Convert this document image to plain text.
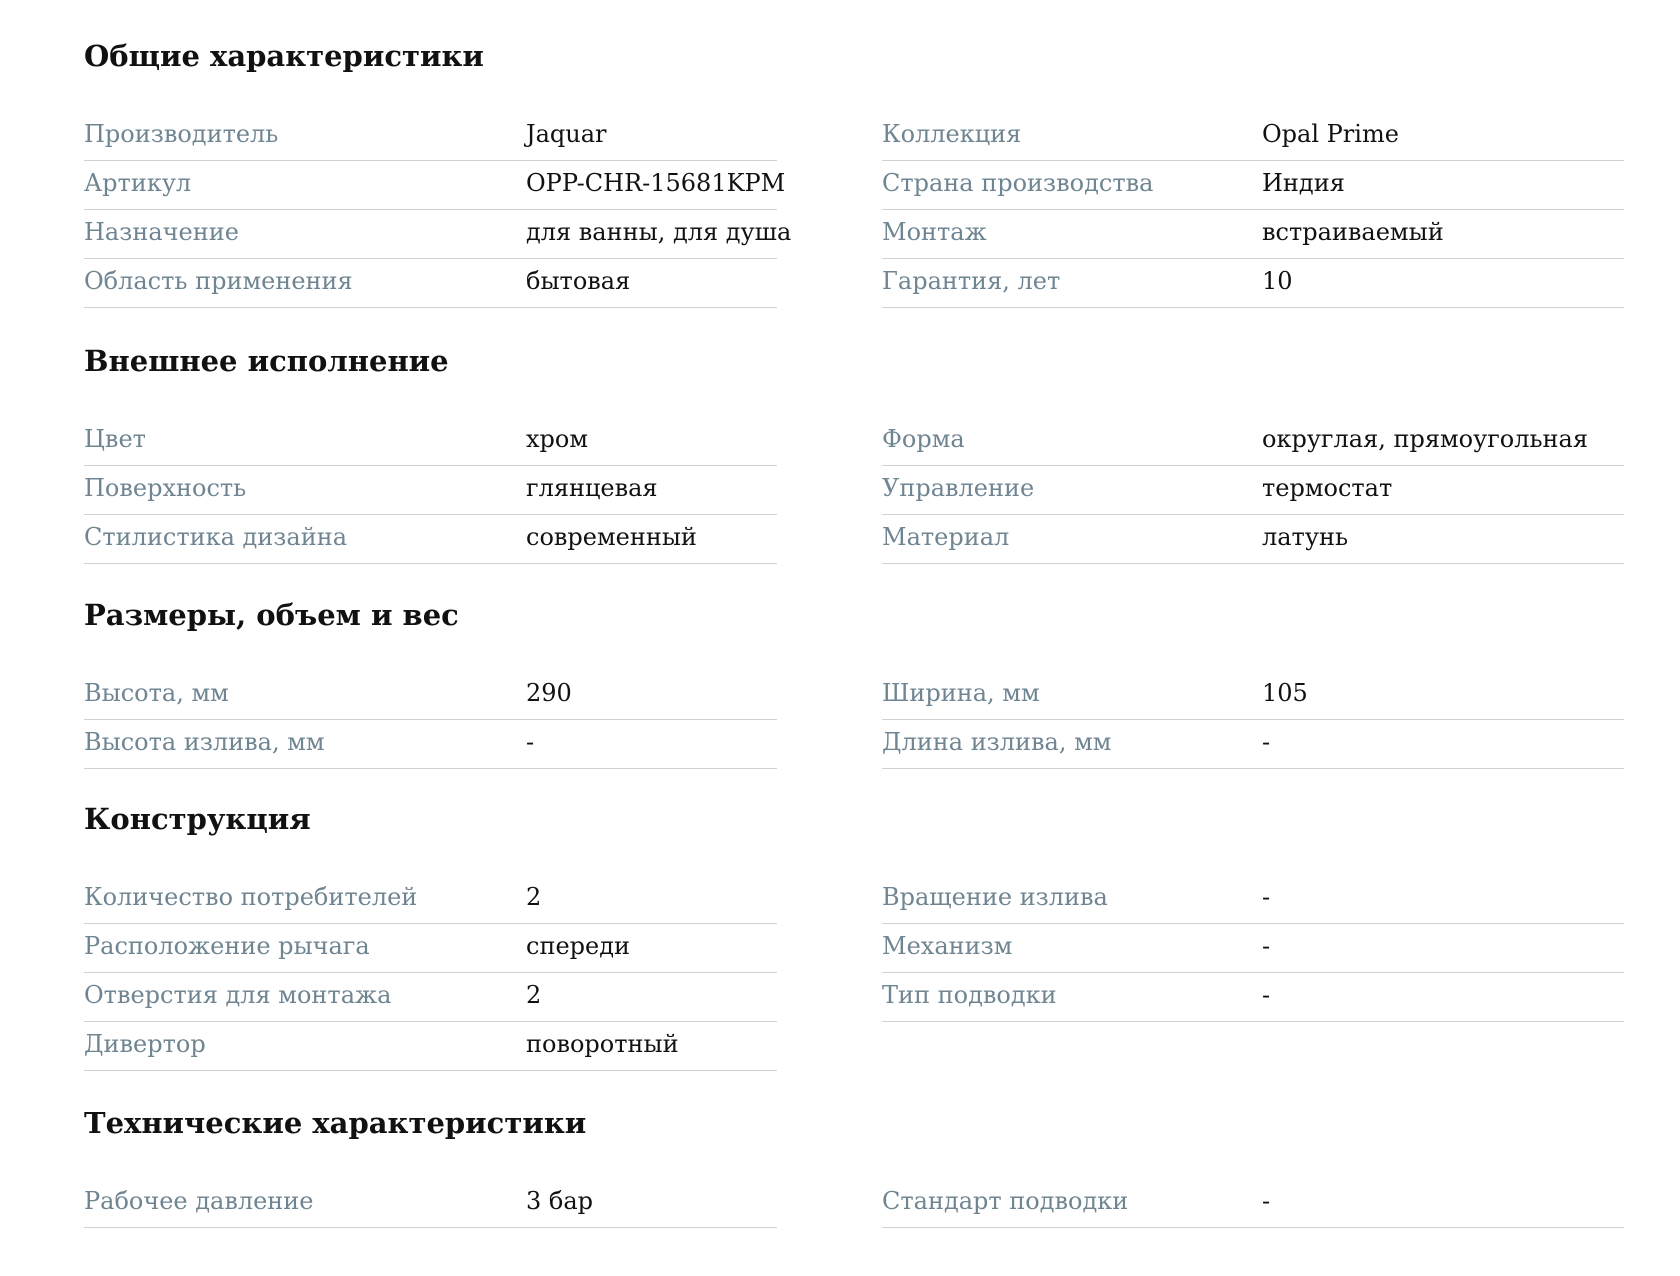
Общие характеристики
Производитель	Jaquar
Артикул	OPP-CHR-15681KPM
Назначение	для ванны, для душа
Область применения	бытовая
Коллекция	Opal Prime
Страна производства	Индия
Монтаж	встраиваемый
Гарантия, лет	10
Внешнее исполнение
Цвет	хром
Поверхность	глянцевая
Стилистика дизайна	современный
Форма	округлая, прямоугольная
Управление	термостат
Материал	латунь
Размеры, объем и вес
Высота, мм	290
Высота излива, мм	-
Ширина, мм	105
Длина излива, мм	-
Конструкция
Количество потребителей	2
Расположение рычага	спереди
Отверстия для монтажа	2
Дивертор	поворотный
Вращение излива	-
Механизм	-
Тип подводки	-
Технические характеристики
Рабочее давление	3 бар	Стандарт подводки	-
